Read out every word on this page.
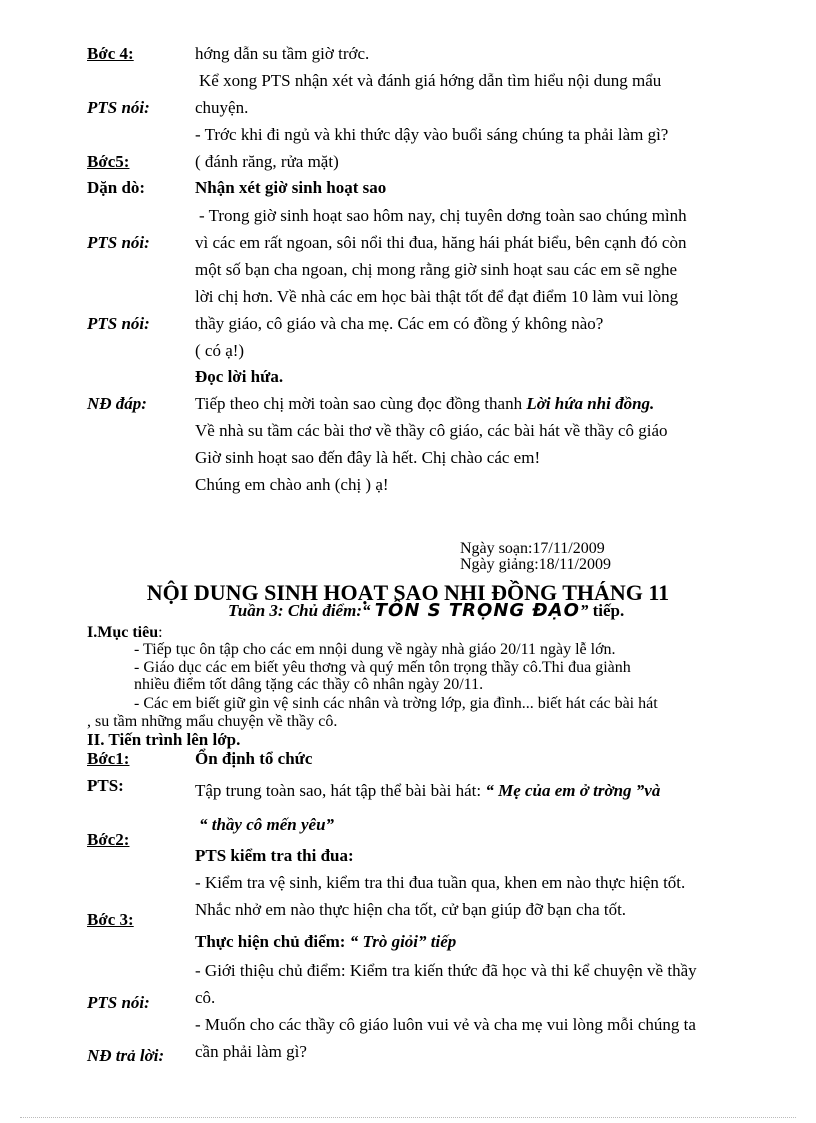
Bớc 4:
PTS nói:
Bớc5:
Dặn dò:
PTS nói:
PTS nói:
NĐ đáp:
hớng dẫn su tầm giờ trớc.
Kể xong PTS nhận xét và đánh giá hớng dẫn tìm hiểu nội dung mẩu
chuyện.
- Trớc khi đi ngủ và khi thức dậy vào buổi sáng chúng ta phải làm gì?
( đánh răng, rửa mặt)
Nhận xét giờ sinh hoạt sao
- Trong giờ sinh hoạt sao hôm nay, chị tuyên dơng toàn sao chúng mình
vì các em rất ngoan, sôi nổi thi đua, hăng hái phát biểu, bên cạnh đó còn
một số bạn cha ngoan, chị mong rằng giờ sinh hoạt sau các em sẽ nghe
lời chị hơn. Về nhà các em học bài thật tốt để đạt điểm 10 làm vui lòng
thầy giáo, cô giáo và cha mẹ. Các em có đồng ý không nào?
( có ạ!)
Đọc lời hứa.
Tiếp theo chị mời toàn sao cùng đọc đồng thanh Lời hứa nhi đồng.
Về nhà su tầm các bài thơ về thầy cô giáo, các bài hát về thầy cô giáo
Giờ sinh hoạt sao đến đây là hết. Chị chào các em!
Chúng em chào anh (chị ) ạ!
Ngày soạn:17/11/2009
Ngày giảng:18/11/2009
NỘI DUNG SINH HOẠT SAO NHI ĐỒNG THÁNG 11
Tuần 3: Chủ điểm:“ TÔN S TRỌNG ĐẠO” tiếp.
I.Mục tiêu:
- Tiếp tục ôn tập cho các em nnội dung về ngày nhà giáo 20/11 ngày lễ lớn.
- Giáo dục các em biết yêu thơng và quý mến tôn trọng thầy cô.Thi đua giành
nhiều điểm tốt dâng tặng các thầy cô nhân ngày 20/11.
- Các em biết giữ gìn vệ sinh các nhân và trờng lớp, gia đình... biết hát các bài hát
, su tầm những mẩu chuyện về thầy cô.
II. Tiến trình lên lớp.
Bớc1:
PTS:
Bớc2:
Bớc 3:
PTS nói:
NĐ trả lời:
Ổn định tổ chức
Tập trung toàn sao, hát tập thể bài bài hát: “ Mẹ của em ở trờng ”và
“ thầy cô mến yêu”
PTS kiểm tra thi đua:
- Kiểm tra vệ sinh, kiểm tra thi đua tuần qua, khen em nào thực hiện tốt.
Nhắc nhở em nào thực hiện cha tốt, cử bạn giúp đỡ bạn cha tốt.
Thực hiện chủ điểm: “ Trò giỏi” tiếp
- Giới thiệu chủ điểm: Kiểm tra kiến thức đã học và thi kể chuyện về thầy
cô.
- Muốn cho các thầy cô giáo luôn vui vẻ và cha mẹ vui lòng mỗi chúng ta
cần phải làm gì?
